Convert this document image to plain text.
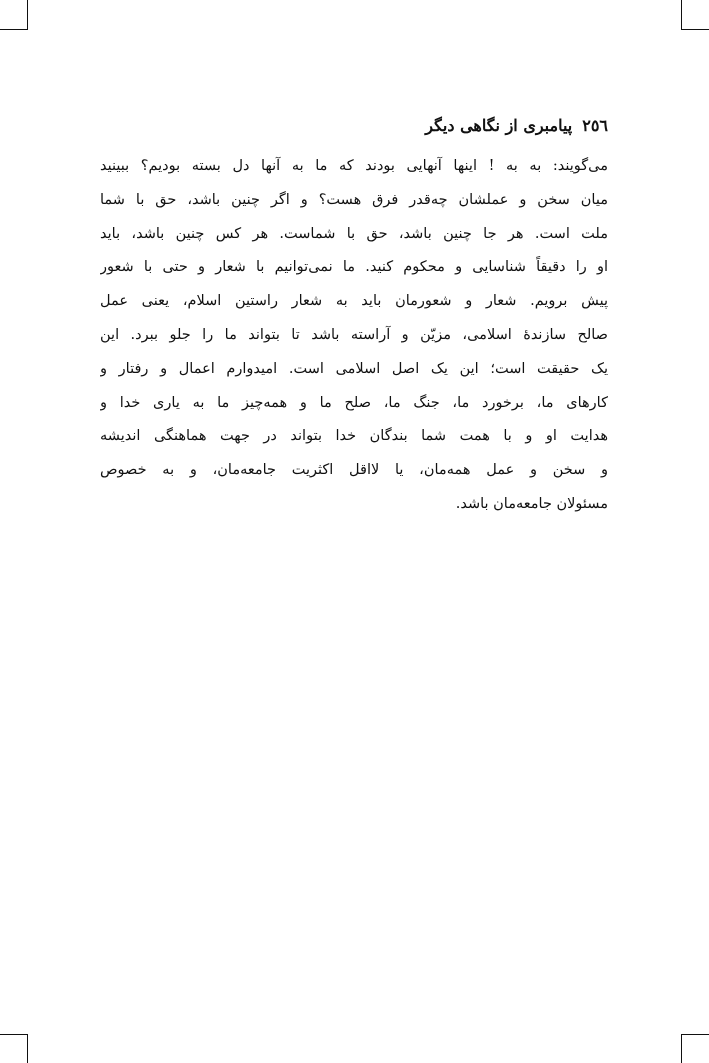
٢٥٦
پیامبری از نگاهی دیگر
می‌گویند: به به ! اینها آنهایی بودند که ما به آنها دل بسته بودیم؟ ببینید
میان سخن و عملشان چه‌قدر فرق هست؟ و اگر چنین باشد، حق با شما
ملت است. هر جا چنین باشد، حق با شماست. هر کس چنین باشد، باید
او را دقیقاً شناسایی و محکوم کنید. ما نمی‌توانیم با شعار و حتی با شعور
پیش برویم. شعار و شعورمان باید به شعار راستین اسلام، یعنی عمل
صالح سازندهٔ اسلامی، مزیّن و آراسته باشد تا بتواند ما را جلو ببرد. این
یک حقیقت است؛ این یک اصل اسلامی است. امیدوارم اعمال و رفتار و
کارهای ما، برخورد ما، جنگ ما، صلح ما و همه‌چیز ما به یاری خدا و
هدایت او و با همت شما بندگان خدا بتواند در جهت هماهنگی اندیشه
و سخن و عمل همه‌مان، یا لااقل اکثریت جامعه‌مان، و به خصوص
مسئولان جامعه‌مان باشد.
